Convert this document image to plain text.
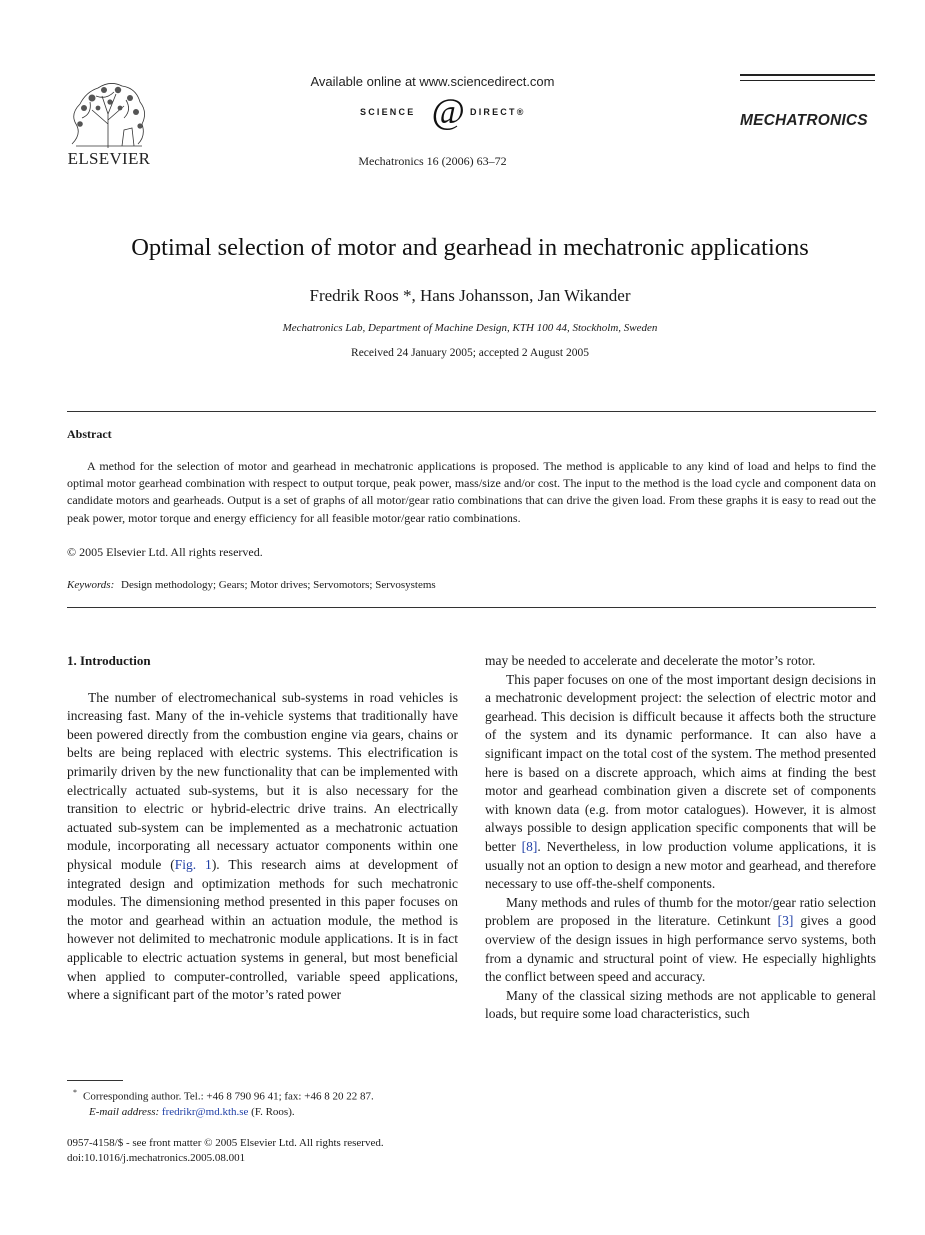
ELSEVIER
Available online at www.sciencedirect.com
SCIENCE @ DIRECT®
Mechatronics 16 (2006) 63–72
MECHATRONICS
Optimal selection of motor and gearhead in mechatronic applications
Fredrik Roos *, Hans Johansson, Jan Wikander
Mechatronics Lab, Department of Machine Design, KTH 100 44, Stockholm, Sweden
Received 24 January 2005; accepted 2 August 2005
Abstract

A method for the selection of motor and gearhead in mechatronic applications is proposed. The method is applicable to any kind of load and helps to find the optimal motor gearhead combination with respect to output torque, peak power, mass/size and/or cost. The input to the method is the load cycle and component data on candidate motors and gearheads. Output is a set of graphs of all motor/gear ratio combinations that can drive the given load. From these graphs it is easy to read out the peak power, motor torque and energy efficiency for all feasible motor/gear ratio combinations.

© 2005 Elsevier Ltd. All rights reserved.
Keywords: Design methodology; Gears; Motor drives; Servomotors; Servosystems

1. Introduction

The number of electromechanical sub-systems in road vehicles is increasing fast. Many of the in-vehicle systems that traditionally have been powered directly from the combustion engine via gears, chains or belts are being replaced with electric systems. This electrification is primarily driven by the new functionality that can be implemented with electrically actuated sub-systems, but it is also necessary for the transition to electric or hybrid-electric drive trains. An electrically actuated sub-system can be implemented as a mechatronic actuation module, incorporating all necessary actuator components within one physical module (Fig. 1). This research aims at development of integrated design and optimization methods for such mechatronic modules. The dimensioning method presented in this paper focuses on the motor and gearhead within an actuation module, the method is however not delimited to mechatronic module applications. It is in fact applicable to electric actuation systems in general, but most beneficial when applied to computer-controlled, variable speed applications, where a significant part of the motor’s rated power

may be needed to accelerate and decelerate the motor’s rotor.

This paper focuses on one of the most important design decisions in a mechatronic development project: the selection of electric motor and gearhead. This decision is difficult because it affects both the structure of the system and its dynamic performance. It can also have a significant impact on the total cost of the system. The method presented here is based on a discrete approach, which aims at finding the best motor and gearhead combination given a discrete set of components with known data (e.g. from motor catalogues). However, it is almost always possible to design application specific components that will be better [8]. Nevertheless, in low production volume applications, it is usually not an option to design a new motor and gearhead, and therefore necessary to use off-the-shelf components.

Many methods and rules of thumb for the motor/gear ratio selection problem are proposed in the literature. Cetinkunt [3] gives a good overview of the design issues in high performance servo systems, both from a dynamic and structural point of view. He especially highlights the conflict between speed and accuracy.

Many of the classical sizing methods are not applicable to general loads, but require some load characteristics, such

* Corresponding author. Tel.: +46 8 790 96 41; fax: +46 8 20 22 87.
E-mail address: fredrikr@md.kth.se (F. Roos).
0957-4158/$ - see front matter © 2005 Elsevier Ltd. All rights reserved.
doi:10.1016/j.mechatronics.2005.08.001
